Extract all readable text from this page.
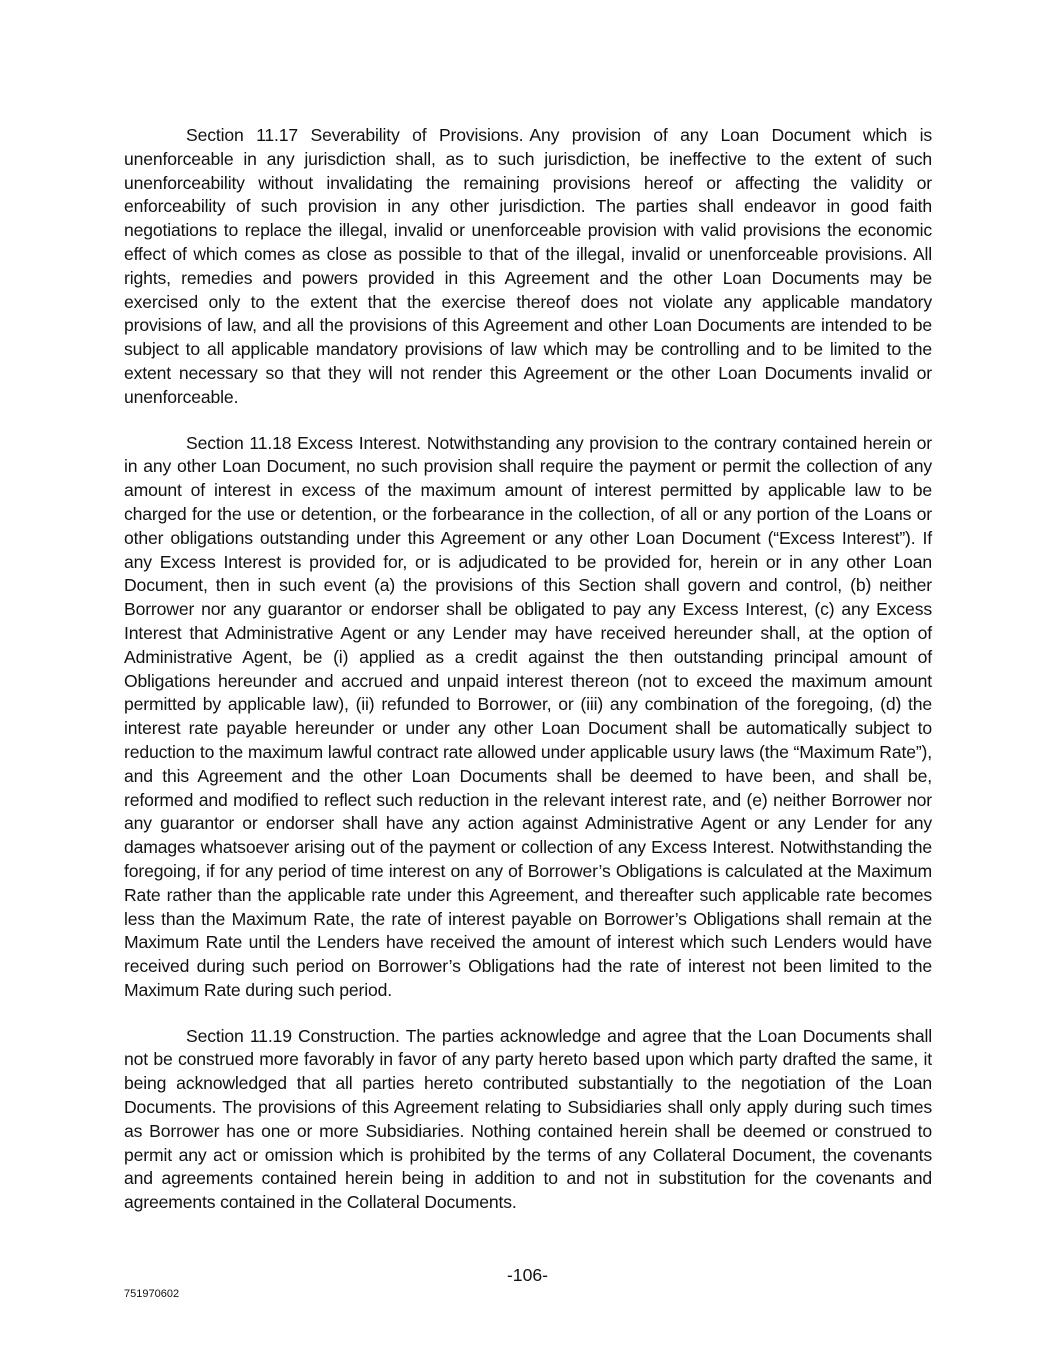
Section 11.17 Severability of Provisions. Any provision of any Loan Document which is unenforceable in any jurisdiction shall, as to such jurisdiction, be ineffective to the extent of such unenforceability without invalidating the remaining provisions hereof or affecting the validity or enforceability of such provision in any other jurisdiction. The parties shall endeavor in good faith negotiations to replace the illegal, invalid or unenforceable provision with valid provisions the economic effect of which comes as close as possible to that of the illegal, invalid or unenforceable provisions. All rights, remedies and powers provided in this Agreement and the other Loan Documents may be exercised only to the extent that the exercise thereof does not violate any applicable mandatory provisions of law, and all the provisions of this Agreement and other Loan Documents are intended to be subject to all applicable mandatory provisions of law which may be controlling and to be limited to the extent necessary so that they will not render this Agreement or the other Loan Documents invalid or unenforceable.

Section 11.18 Excess Interest. Notwithstanding any provision to the contrary contained herein or in any other Loan Document, no such provision shall require the payment or permit the collection of any amount of interest in excess of the maximum amount of interest permitted by applicable law to be charged for the use or detention, or the forbearance in the collection, of all or any portion of the Loans or other obligations outstanding under this Agreement or any other Loan Document (“Excess Interest”). If any Excess Interest is provided for, or is adjudicated to be provided for, herein or in any other Loan Document, then in such event (a) the provisions of this Section shall govern and control, (b) neither Borrower nor any guarantor or endorser shall be obligated to pay any Excess Interest, (c) any Excess Interest that Administrative Agent or any Lender may have received hereunder shall, at the option of Administrative Agent, be (i) applied as a credit against the then outstanding principal amount of Obligations hereunder and accrued and unpaid interest thereon (not to exceed the maximum amount permitted by applicable law), (ii) refunded to Borrower, or (iii) any combination of the foregoing, (d) the interest rate payable hereunder or under any other Loan Document shall be automatically subject to reduction to the maximum lawful contract rate allowed under applicable usury laws (the “Maximum Rate”), and this Agreement and the other Loan Documents shall be deemed to have been, and shall be, reformed and modified to reflect such reduction in the relevant interest rate, and (e) neither Borrower nor any guarantor or endorser shall have any action against Administrative Agent or any Lender for any damages whatsoever arising out of the payment or collection of any Excess Interest. Notwithstanding the foregoing, if for any period of time interest on any of Borrower’s Obligations is calculated at the Maximum Rate rather than the applicable rate under this Agreement, and thereafter such applicable rate becomes less than the Maximum Rate, the rate of interest payable on Borrower’s Obligations shall remain at the Maximum Rate until the Lenders have received the amount of interest which such Lenders would have received during such period on Borrower’s Obligations had the rate of interest not been limited to the Maximum Rate during such period.

Section 11.19 Construction. The parties acknowledge and agree that the Loan Documents shall not be construed more favorably in favor of any party hereto based upon which party drafted the same, it being acknowledged that all parties hereto contributed substantially to the negotiation of the Loan Documents. The provisions of this Agreement relating to Subsidiaries shall only apply during such times as Borrower has one or more Subsidiaries. Nothing contained herein shall be deemed or construed to permit any act or omission which is prohibited by the terms of any Collateral Document, the covenants and agreements contained herein being in addition to and not in substitution for the covenants and agreements contained in the Collateral Documents.

-106-
751970602
